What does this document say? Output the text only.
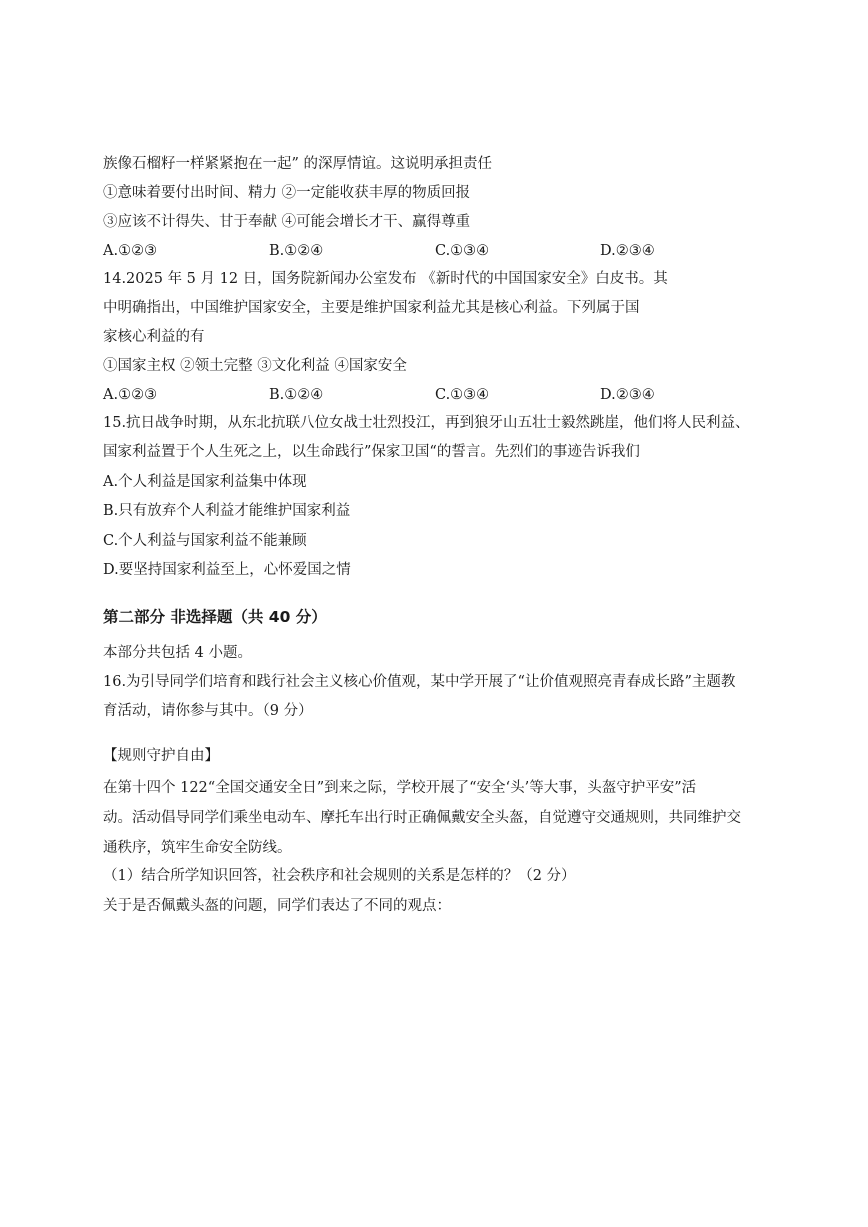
族像石榴籽一样紧紧抱在一起” 的深厚情谊。这说明承担责任
①意味着要付出时间、精力 ②一定能收获丰厚的物质回报
③应该不计得失、甘于奉献 ④可能会增长才干、赢得尊重
A.①②③	B.①②④	C.①③④	D.②③④
14.2025 年 5 月 12 日，国务院新闻办公室发布 《新时代的中国国家安全》白皮书。其
中明确指出，中国维护国家安全，主要是维护国家利益尤其是核心利益。下列属于国
家核心利益的有
①国家主权 ②领土完整 ③文化利益 ④国家安全
A.①②③	B.①②④	C.①③④	D.②③④
15.抗日战争时期，从东北抗联八位女战士壮烈投江，再到狼牙山五壮士毅然跳崖，他们将人民利益、
国家利益置于个人生死之上，以生命践行”保家卫国“的誓言。先烈们的事迹告诉我们
A.个人利益是国家利益集中体现
B.只有放弃个人利益才能维护国家利益
C.个人利益与国家利益不能兼顾
D.要坚持国家利益至上，心怀爱国之情
第二部分 非选择题（共 40 分）
本部分共包括 4 小题。
16.为引导同学们培育和践行社会主义核心价值观，某中学开展了“让价值观照亮青春成长路”主题教
育活动，请你参与其中。（9 分）
【规则守护自由】
在第十四个 122“全国交通安全日”到来之际，学校开展了“安全‘头’等大事，头盔守护平安”活
动。活动倡导同学们乘坐电动车、摩托车出行时正确佩戴安全头盔，自觉遵守交通规则，共同维护交
通秩序，筑牢生命安全防线。
（1）结合所学知识回答，社会秩序和社会规则的关系是怎样的？（2 分）
关于是否佩戴头盔的问题，同学们表达了不同的观点：
